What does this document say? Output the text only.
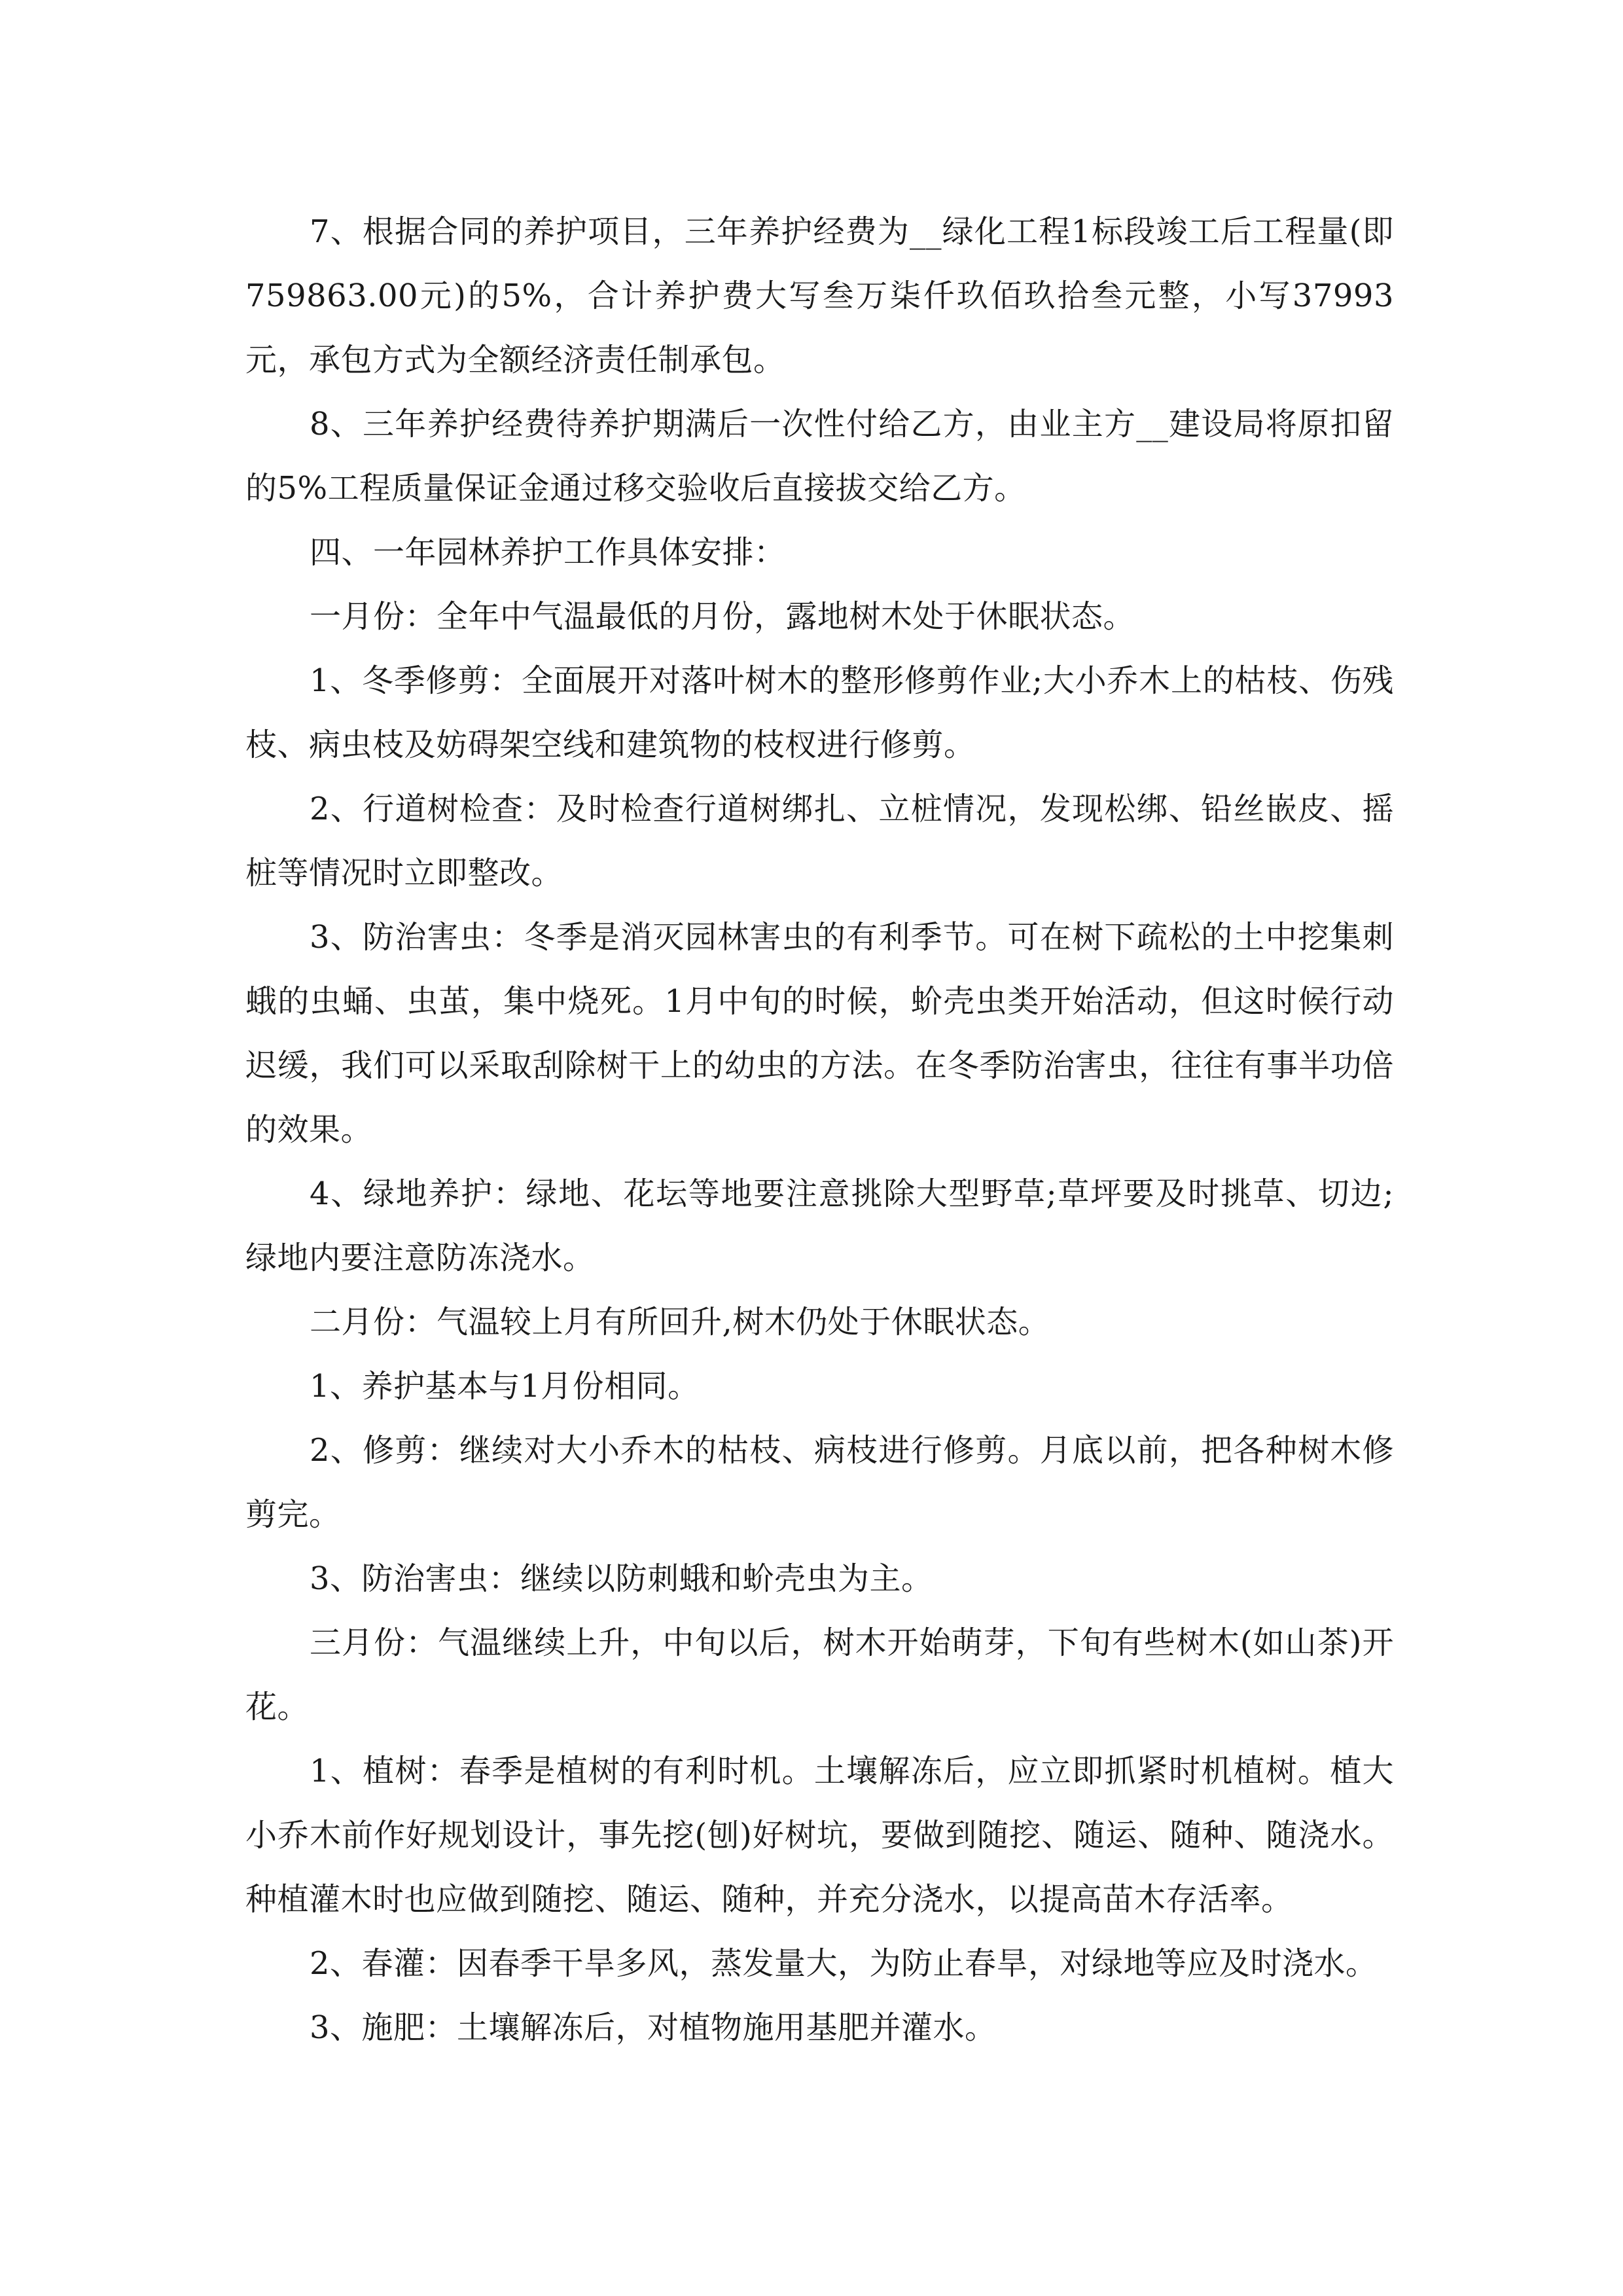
7、根据合同的养护项目，三年养护经费为__绿化工程1标段竣工后工程量(即759863.00元)的5%，合计养护费大写叁万柒仟玖佰玖拾叁元整，小写37993元，承包方式为全额经济责任制承包。

8、三年养护经费待养护期满后一次性付给乙方，由业主方__建设局将原扣留的5%工程质量保证金通过移交验收后直接拔交给乙方。

四、一年园林养护工作具体安排：

一月份：全年中气温最低的月份，露地树木处于休眠状态。

1、冬季修剪：全面展开对落叶树木的整形修剪作业;大小乔木上的枯枝、伤残枝、病虫枝及妨碍架空线和建筑物的枝杈进行修剪。

2、行道树检查：及时检查行道树绑扎、立桩情况，发现松绑、铅丝嵌皮、摇桩等情况时立即整改。

3、防治害虫：冬季是消灭园林害虫的有利季节。可在树下疏松的土中挖集刺蛾的虫蛹、虫茧，集中烧死。1月中旬的时候，蚧壳虫类开始活动，但这时候行动迟缓，我们可以采取刮除树干上的幼虫的方法。在冬季防治害虫，往往有事半功倍的效果。

4、绿地养护：绿地、花坛等地要注意挑除大型野草;草坪要及时挑草、切边;绿地内要注意防冻浇水。

二月份：气温较上月有所回升,树木仍处于休眠状态。

1、养护基本与1月份相同。

2、修剪：继续对大小乔木的枯枝、病枝进行修剪。月底以前，把各种树木修剪完。

3、防治害虫：继续以防刺蛾和蚧壳虫为主。

三月份：气温继续上升，中旬以后，树木开始萌芽，下旬有些树木(如山茶)开花。

1、植树：春季是植树的有利时机。土壤解冻后，应立即抓紧时机植树。植大小乔木前作好规划设计，事先挖(刨)好树坑，要做到随挖、随运、随种、随浇水。种植灌木时也应做到随挖、随运、随种，并充分浇水，以提高苗木存活率。

2、春灌：因春季干旱多风，蒸发量大，为防止春旱，对绿地等应及时浇水。

3、施肥：土壤解冻后，对植物施用基肥并灌水。
